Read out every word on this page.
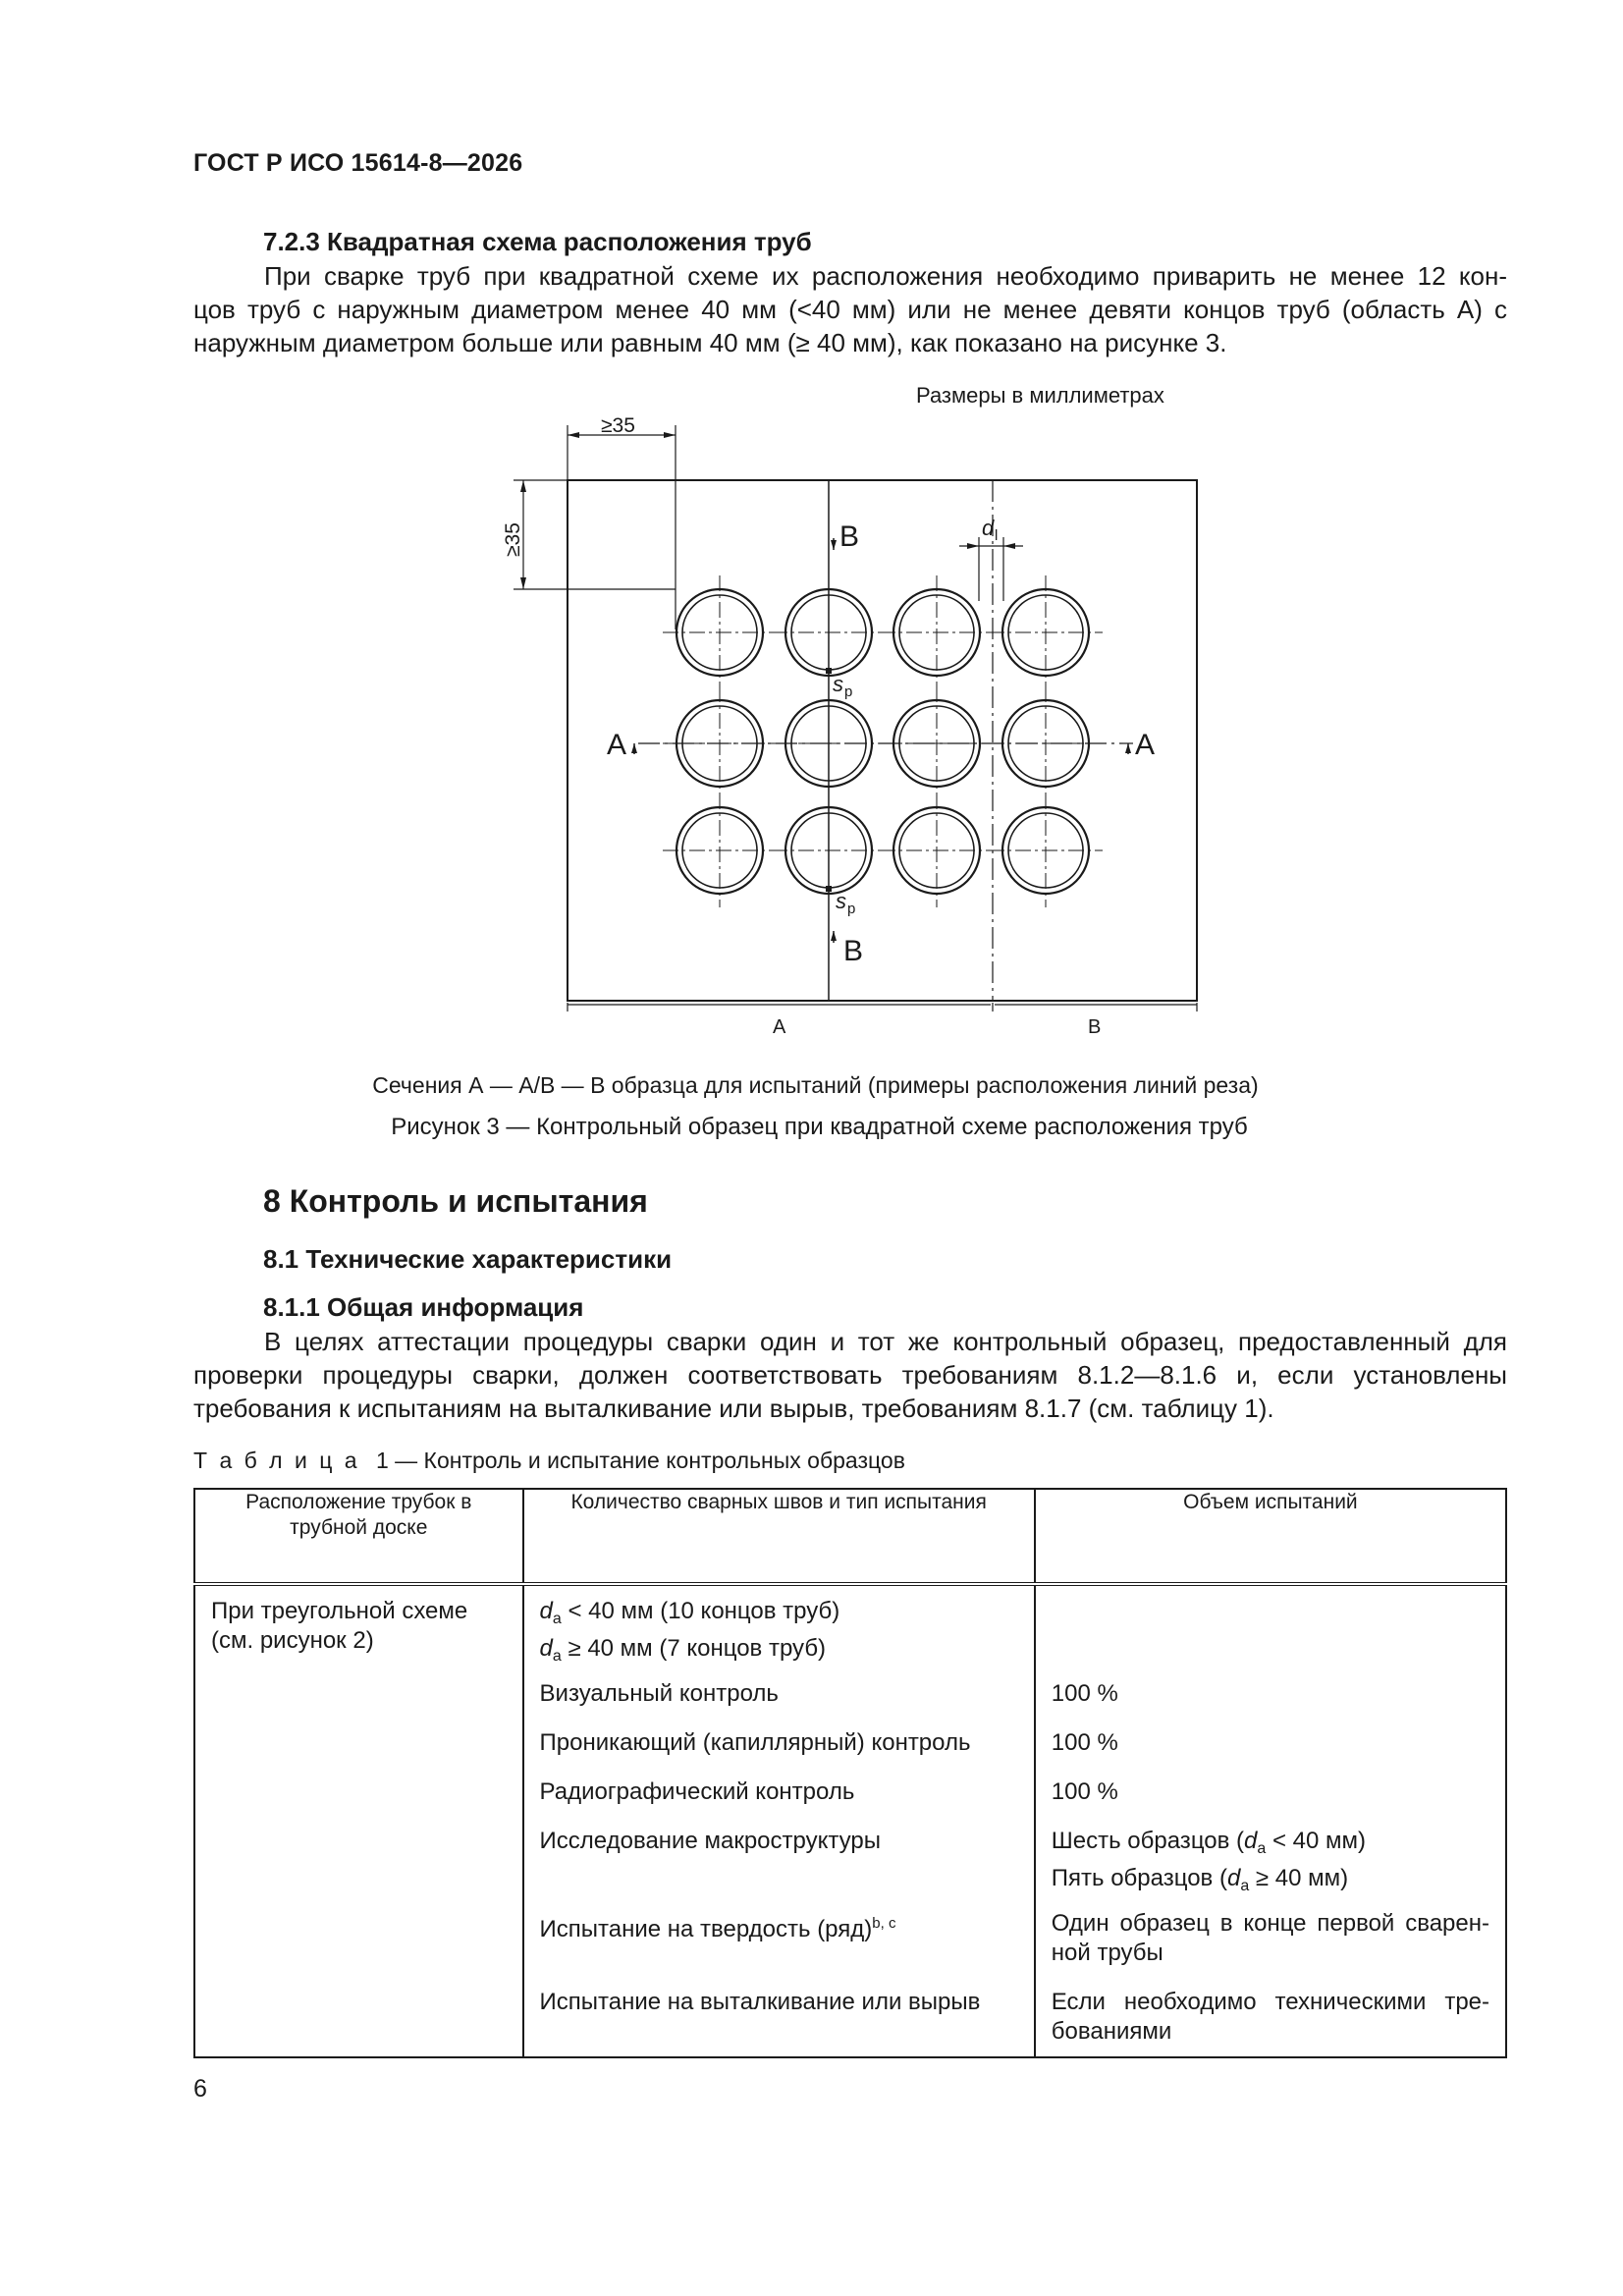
ГОСТ Р ИСО 15614-8—2026
7.2.3 Квадратная схема расположения труб
При сварке труб при квадратной схеме их расположения необходимо приварить не менее 12 кон-
цов труб с наружным диаметром менее 40 мм (<40 мм) или не менее девяти концов труб (область А) с
наружным диаметром больше или равным 40 мм (≥ 40 мм), как показано на рисунке 3.
Размеры в миллиметрах
≥35
≥35	B
B
A	A
d l
s p
s p
A	B
Сечения А — А/В — В образца для испытаний (примеры расположения линий реза)
Рисунок 3 — Контрольный образец при квадратной схеме расположения труб
8 Контроль и испытания
8.1 Технические характеристики
8.1.1 Общая информация
В целях аттестации процедуры сварки один и тот же контрольный образец, предоставленный для
проверки процедуры сварки, должен соответствовать требованиям 8.1.2—8.1.6 и, если установлены
требования к испытаниям на выталкивание или вырыв, требованиям 8.1.7 (см. таблицу 1).
Т а б л и ц а 1 — Контроль и испытание контрольных образцов
Расположение трубок в трубной доске	Количество сварных швов и тип испытания	Объем испытаний
При треугольной схеме (см. рисунок 2)	$d_a < 40$ мм (10 концов труб)
$d_a \ge 40$ мм (7 концов труб)	

	Визуальный контроль	100 %
	Проникающий (капиллярный) контроль	100 %
	Радиографический контроль	100 %
	Исследование макроструктуры	Шесть образцов ($d_a < 40$ мм)
Пять образцов ($d_a \ge 40$ мм)

	Испытание на твердость (ряд)$^{b, c}$	Один образец в конце первой сварен-
ной трубы

	Испытание на выталкивание или вырыв	Если необходимо техническими тре-
бованиями
6
